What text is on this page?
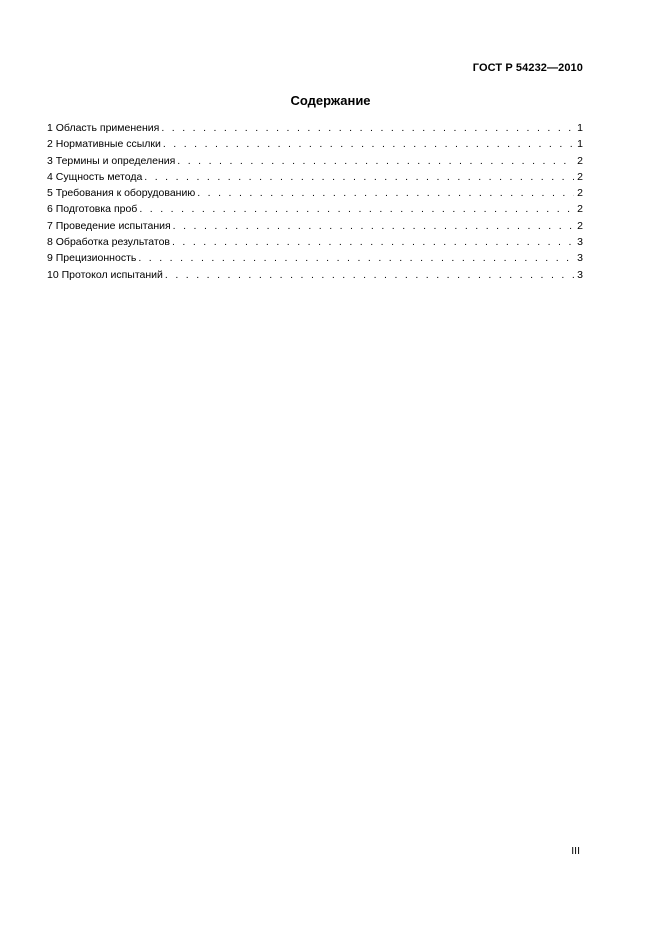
ГОСТ Р 54232—2010
Содержание
1 Область применения . . .	1
2 Нормативные ссылки . . .	1
3 Термины и определения . . .	2
4 Сущность метода . . .	2
5 Требования к оборудованию . . .	2
6 Подготовка проб . . .	2
7 Проведение испытания . . .	2
8 Обработка результатов . . .	3
9 Прецизионность . . .	3
10 Протокол испытаний . . .	3
III
